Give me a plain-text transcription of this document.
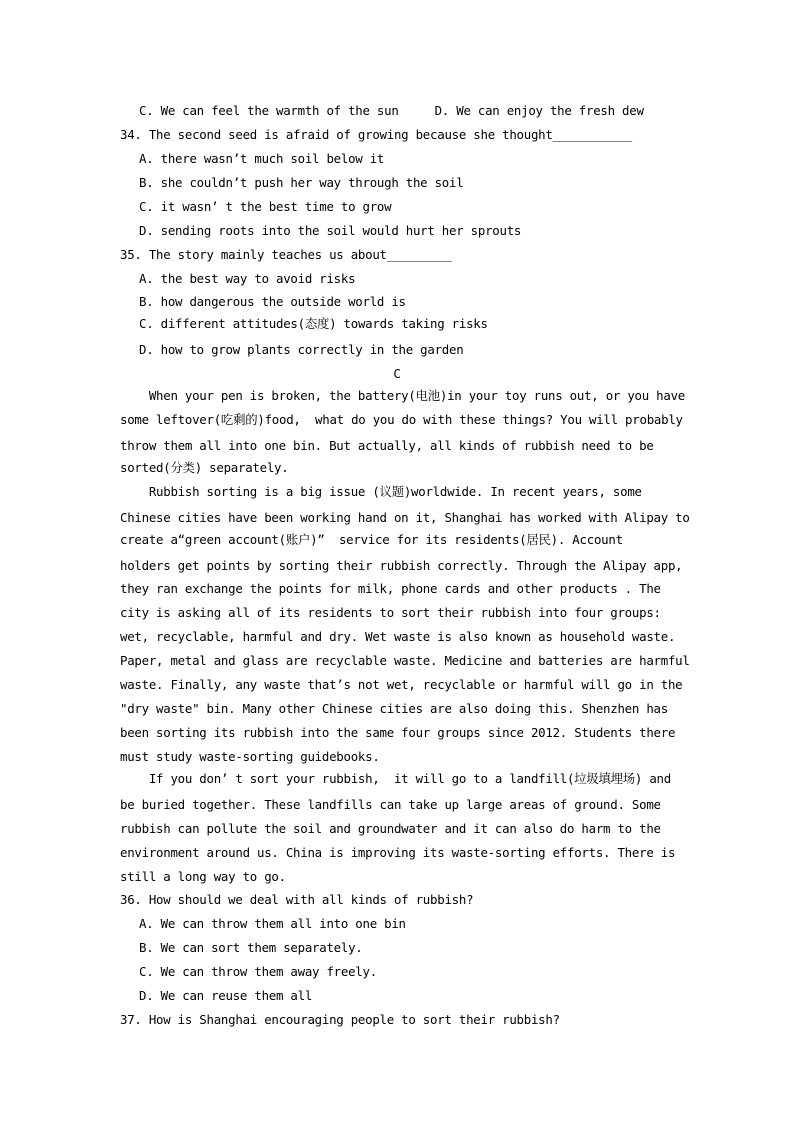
C. We can feel the warmth of the sun     D. We can enjoy the fresh dew
34. The second seed is afraid of growing because she thought___________
A. there wasn’t much soil below it
B. she couldn’t push her way through the soil
C. it wasn’ t the best time to grow
D. sending roots into the soil would hurt her sprouts
35. The story mainly teaches us about_________
A. the best way to avoid risks
B. how dangerous the outside world is
C. different attitudes(态度) towards taking risks
D. how to grow plants correctly in the garden
C
When your pen is broken, the battery(电池)in your toy runs out, or you have
some leftover(吃剩的)food,  what do you do with these things? You will probably
throw them all into one bin. But actually, all kinds of rubbish need to be
sorted(分类) separately.
Rubbish sorting is a big issue (议题)worldwide. In recent years, some
Chinese cities have been working hand on it, Shanghai has worked with Alipay to
create a“green account(账户)”  service for its residents(居民). Account
holders get points by sorting their rubbish correctly. Through the Alipay app,
they ran exchange the points for milk, phone cards and other products . The
city is asking all of its residents to sort their rubbish into four groups:
wet, recyclable, harmful and dry. Wet waste is also known as household waste.
Paper, metal and glass are recyclable waste. Medicine and batteries are harmful
waste. Finally, any waste that’s not wet, recyclable or harmful will go in the
"dry waste" bin. Many other Chinese cities are also doing this. Shenzhen has
been sorting its rubbish into the same four groups since 2012. Students there
must study waste-sorting guidebooks.
If you don’ t sort your rubbish,  it will go to a landfill(垃圾填埋场) and
be buried together. These landfills can take up large areas of ground. Some
rubbish can pollute the soil and groundwater and it can also do harm to the
environment around us. China is improving its waste-sorting efforts. There is
still a long way to go.
36. How should we deal with all kinds of rubbish?
A. We can throw them all into one bin
B. We can sort them separately.
C. We can throw them away freely.
D. We can reuse them all
37. How is Shanghai encouraging people to sort their rubbish?
